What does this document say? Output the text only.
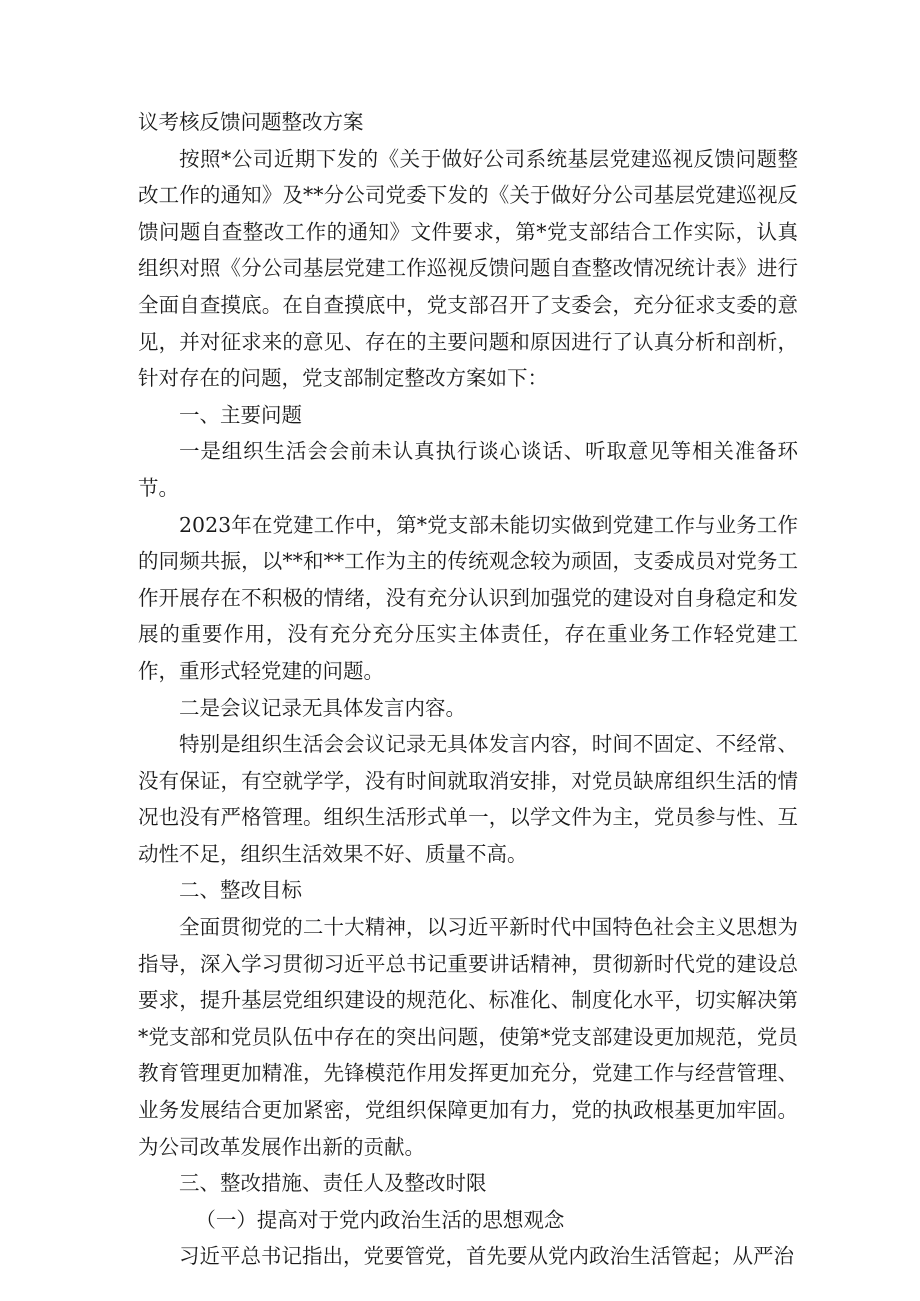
议考核反馈问题整改方案

按照*公司近期下发的《关于做好公司系统基层党建巡视反馈问题整改工作的通知》及**分公司党委下发的《关于做好分公司基层党建巡视反馈问题自查整改工作的通知》文件要求，第*党支部结合工作实际，认真组织对照《分公司基层党建工作巡视反馈问题自查整改情况统计表》进行全面自查摸底。在自查摸底中，党支部召开了支委会，充分征求支委的意见，并对征求来的意见、存在的主要问题和原因进行了认真分析和剖析，针对存在的问题，党支部制定整改方案如下：

一、主要问题

一是组织生活会会前未认真执行谈心谈话、听取意见等相关准备环节。

2023年在党建工作中，第*党支部未能切实做到党建工作与业务工作的同频共振，以**和**工作为主的传统观念较为顽固，支委成员对党务工作开展存在不积极的情绪，没有充分认识到加强党的建设对自身稳定和发展的重要作用，没有充分充分压实主体责任，存在重业务工作轻党建工作，重形式轻党建的问题。

二是会议记录无具体发言内容。

特别是组织生活会会议记录无具体发言内容，时间不固定、不经常、没有保证，有空就学学，没有时间就取消安排，对党员缺席组织生活的情况也没有严格管理。组织生活形式单一，以学文件为主，党员参与性、互动性不足，组织生活效果不好、质量不高。

二、整改目标

全面贯彻党的二十大精神，以习近平新时代中国特色社会主义思想为指导，深入学习贯彻习近平总书记重要讲话精神，贯彻新时代党的建设总要求，提升基层党组织建设的规范化、标准化、制度化水平，切实解决第*党支部和党员队伍中存在的突出问题，使第*党支部建设更加规范，党员教育管理更加精准，先锋模范作用发挥更加充分，党建工作与经营管理、业务发展结合更加紧密，党组织保障更加有力，党的执政根基更加牢固。为公司改革发展作出新的贡献。

三、整改措施、责任人及整改时限

（一）提高对于党内政治生活的思想观念

习近平总书记指出，党要管党，首先要从党内政治生活管起；从严治
